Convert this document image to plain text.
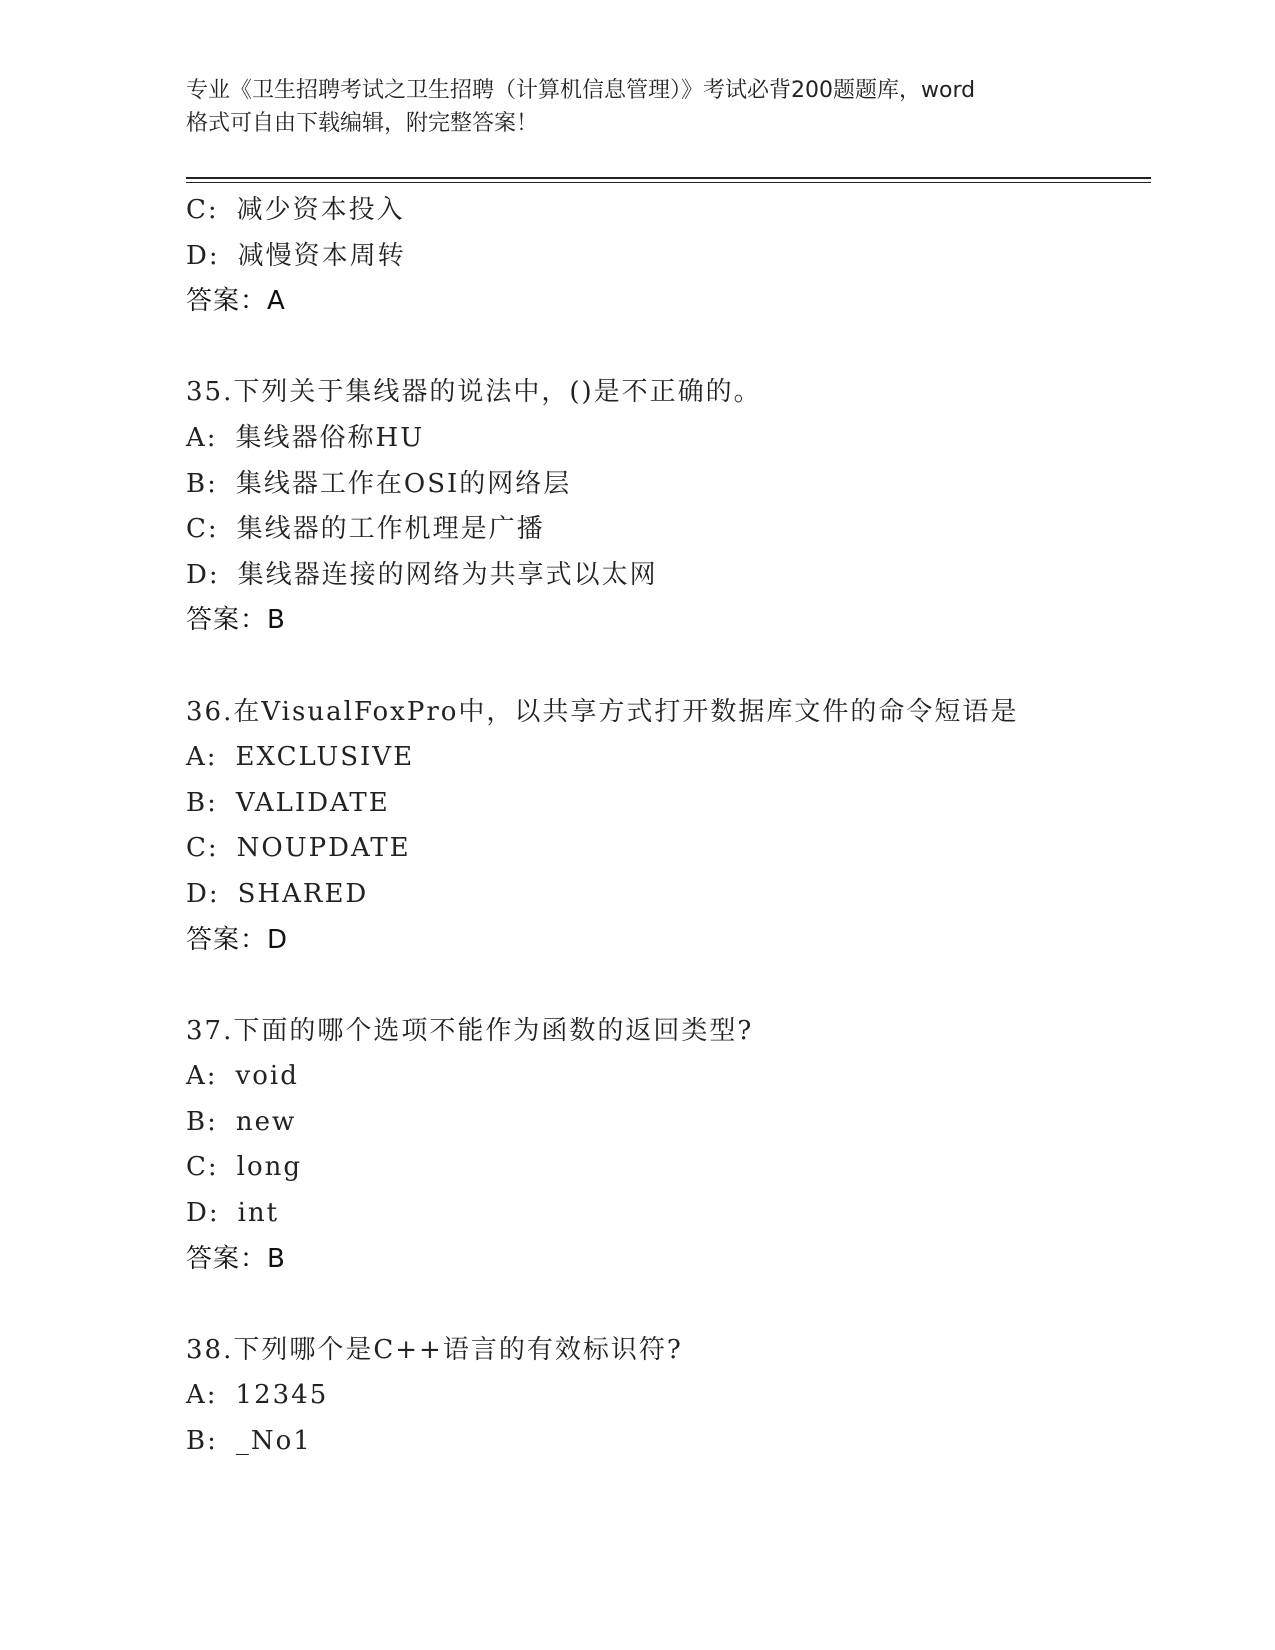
专业《卫生招聘考试之卫生招聘（计算机信息管理）》考试必背200题题库，word
格式可自由下载编辑，附完整答案！
C: 减少资本投入
D: 减慢资本周转
答案：A
35.下列关于集线器的说法中，()是不正确的。
A: 集线器俗称HU
B: 集线器工作在OSI的网络层
C: 集线器的工作机理是广播
D: 集线器连接的网络为共享式以太网
答案：B
36.在VisualFoxPro中，以共享方式打开数据库文件的命令短语是
A: EXCLUSIVE
B: VALIDATE
C: NOUPDATE
D: SHARED
答案：D
37.下面的哪个选项不能作为函数的返回类型?
A: void
B: new
C: long
D: int
答案：B
38.下列哪个是C++语言的有效标识符?
A: 12345
B: _No1
